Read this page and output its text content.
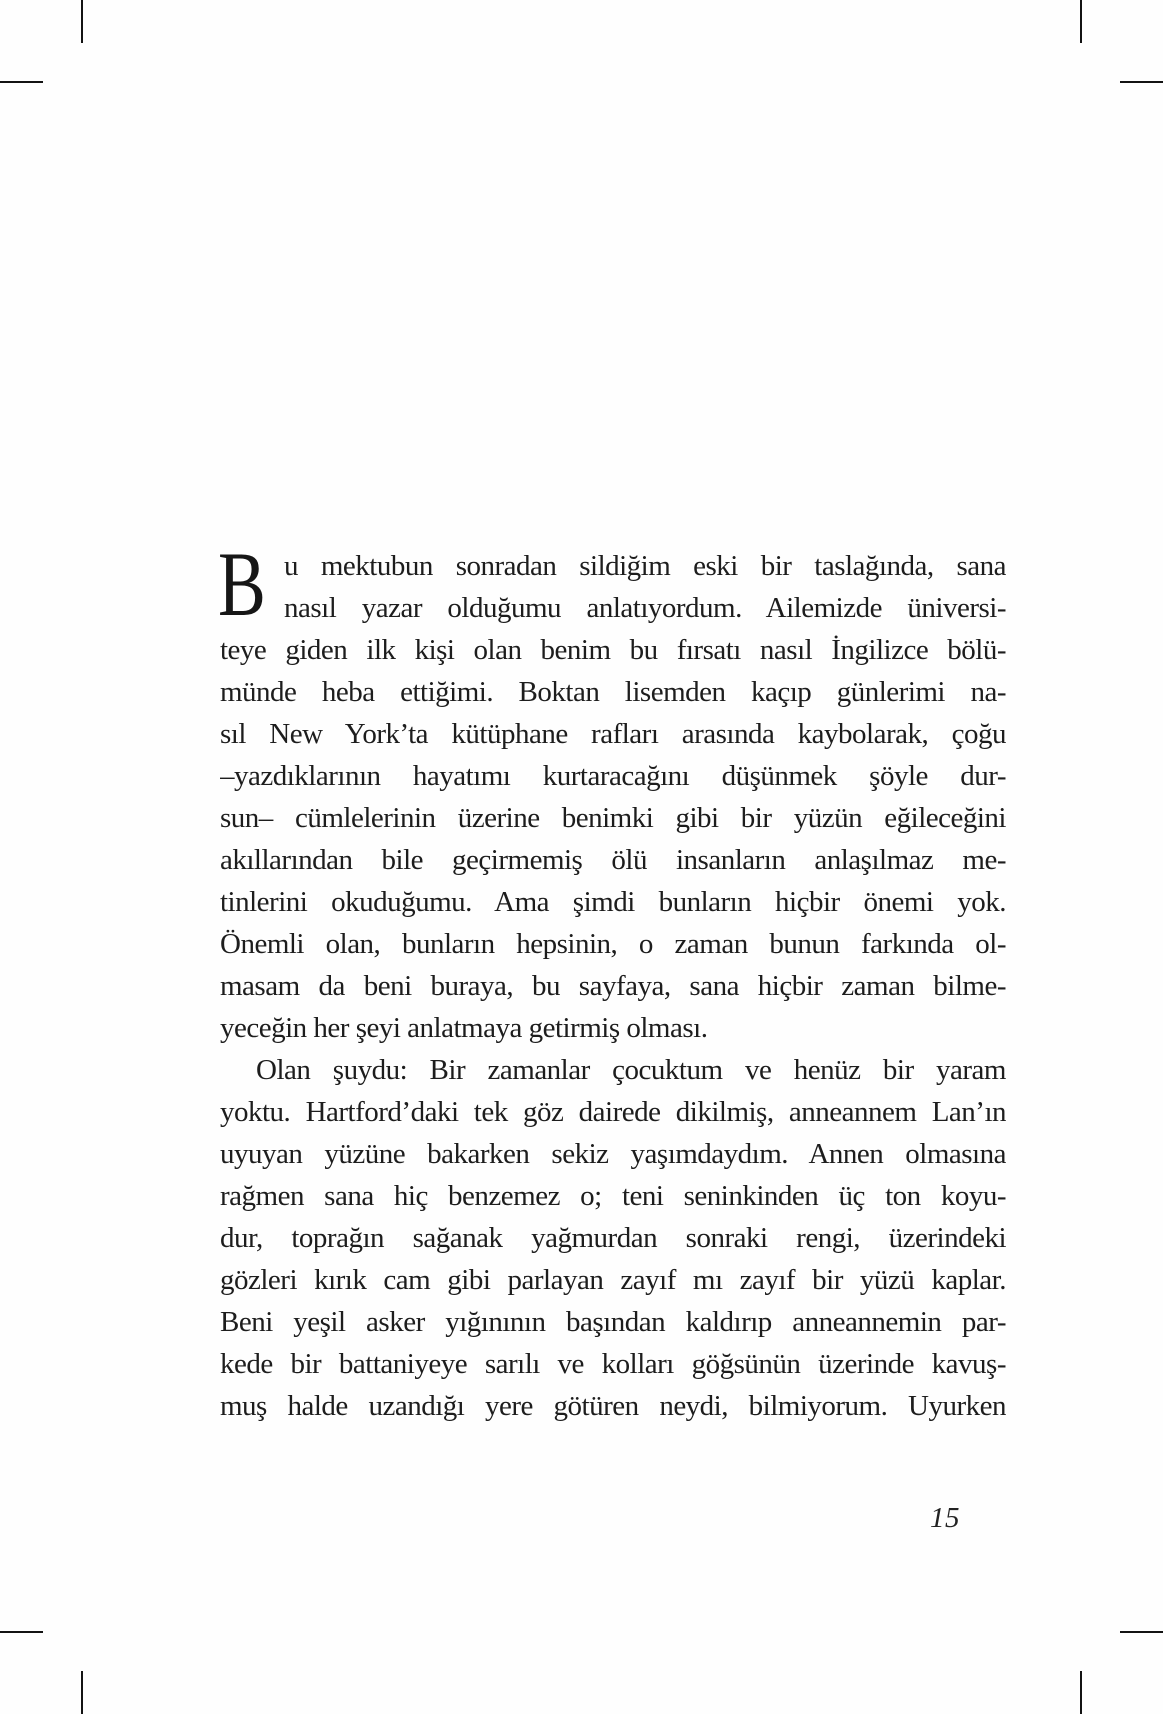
B u mektubun sonradan sildiğim eski bir taslağında, sana
nasıl yazar olduğumu anlatıyordum. Ailemizde üniversi-
teye giden ilk kişi olan benim bu fırsatı nasıl İngilizce bölü-
münde heba ettiğimi. Boktan lisemden kaçıp günlerimi na-
sıl New York’ta kütüphane rafları arasında kaybolarak, çoğu
–yazdıklarının hayatımı kurtaracağını düşünmek şöyle dur-
sun– cümlelerinin üzerine benimki gibi bir yüzün eğileceğini
akıllarından bile geçirmemiş ölü insanların anlaşılmaz me-
tinlerini okuduğumu. Ama şimdi bunların hiçbir önemi yok.
Önemli olan, bunların hepsinin, o zaman bunun farkında ol-
masam da beni buraya, bu sayfaya, sana hiçbir zaman bilme-
yeceğin her şeyi anlatmaya getirmiş olması.
Olan şuydu: Bir zamanlar çocuktum ve henüz bir yaram
yoktu. Hartford’daki tek göz dairede dikilmiş, anneannem Lan’ın
uyuyan yüzüne bakarken sekiz yaşımdaydım. Annen olmasına
rağmen sana hiç benzemez o; teni seninkinden üç ton koyu-
dur, toprağın sağanak yağmurdan sonraki rengi, üzerindeki
gözleri kırık cam gibi parlayan zayıf mı zayıf bir yüzü kaplar.
Beni yeşil asker yığınının başından kaldırıp anneannemin par-
kede bir battaniyeye sarılı ve kolları göğsünün üzerinde kavuş-
muş halde uzandığı yere götüren neydi, bilmiyorum. Uyurken
15
